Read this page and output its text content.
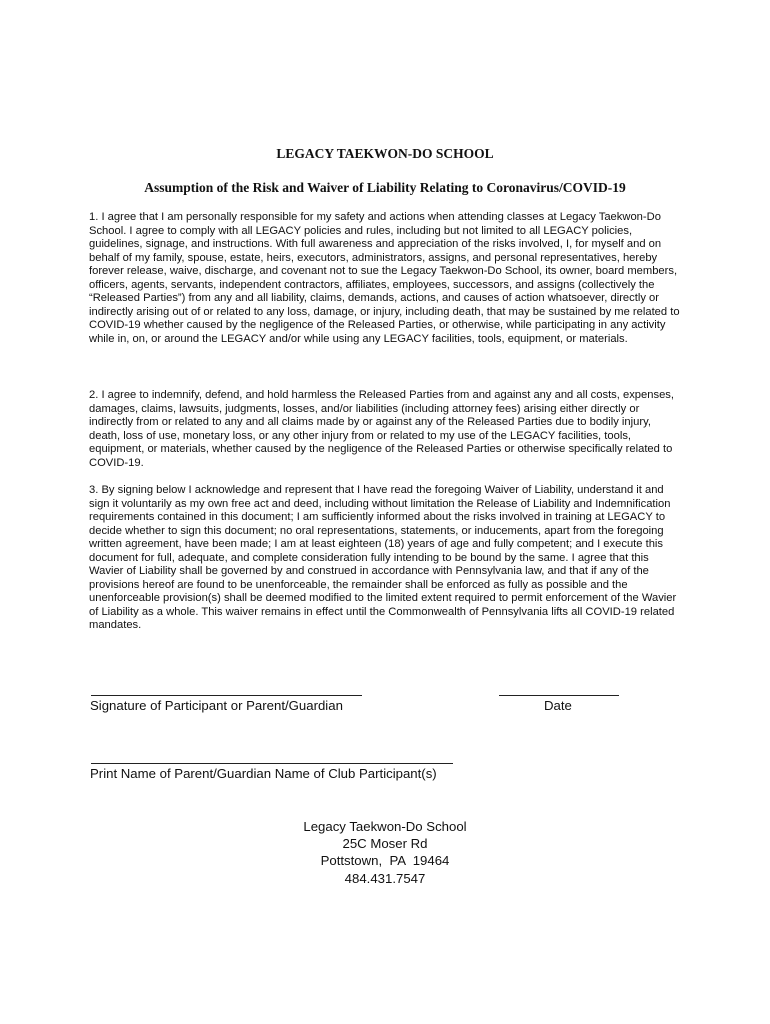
LEGACY TAEKWON-DO SCHOOL
Assumption of the Risk and Waiver of Liability Relating to Coronavirus/COVID-19

1. I agree that I am personally responsible for my safety and actions when attending classes at Legacy Taekwon-Do School. I agree to comply with all LEGACY policies and rules, including but not limited to all LEGACY policies, guidelines, signage, and instructions. With full awareness and appreciation of the risks involved, I, for myself and on behalf of my family, spouse, estate, heirs, executors, administrators, assigns, and personal representatives, hereby forever release, waive, discharge, and covenant not to sue the Legacy Taekwon-Do School, its owner, board members, officers, agents, servants, independent contractors, affiliates, employees, successors, and assigns (collectively the “Released Parties”) from any and all liability, claims, demands, actions, and causes of action whatsoever, directly or indirectly arising out of or related to any loss, damage, or injury, including death, that may be sustained by me related to COVID-19 whether caused by the negligence of the Released Parties, or otherwise, while participating in any activity while in, on, or around the LEGACY and/or while using any LEGACY facilities, tools, equipment, or materials.

2. I agree to indemnify, defend, and hold harmless the Released Parties from and against any and all costs, expenses, damages, claims, lawsuits, judgments, losses, and/or liabilities (including attorney fees) arising either directly or indirectly from or related to any and all claims made by or against any of the Released Parties due to bodily injury, death, loss of use, monetary loss, or any other injury from or related to my use of the LEGACY facilities, tools, equipment, or materials, whether caused by the negligence of the Released Parties or otherwise specifically related to COVID-19.

3. By signing below I acknowledge and represent that I have read the foregoing Waiver of Liability, understand it and sign it voluntarily as my own free act and deed, including without limitation the Release of Liability and Indemnification requirements contained in this document; I am sufficiently informed about the risks involved in training at LEGACY to decide whether to sign this document; no oral representations, statements, or inducements, apart from the foregoing written agreement, have been made; I am at least eighteen (18) years of age and fully competent; and I execute this document for full, adequate, and complete consideration fully intending to be bound by the same. I agree that this Wavier of Liability shall be governed by and construed in accordance with Pennsylvania law, and that if any of the provisions hereof are found to be unenforceable, the remainder shall be enforced as fully as possible and the unenforceable provision(s) shall be deemed modified to the limited extent required to permit enforcement of the Wavier of Liability as a whole. This waiver remains in effect until the Commonwealth of Pennsylvania lifts all COVID-19 related mandates.

Signature of Participant or Parent/Guardian	Date
Print Name of Parent/Guardian Name of Club Participant(s)
Legacy Taekwon-Do School
25C Moser Rd
Pottstown,  PA  19464
484.431.7547
